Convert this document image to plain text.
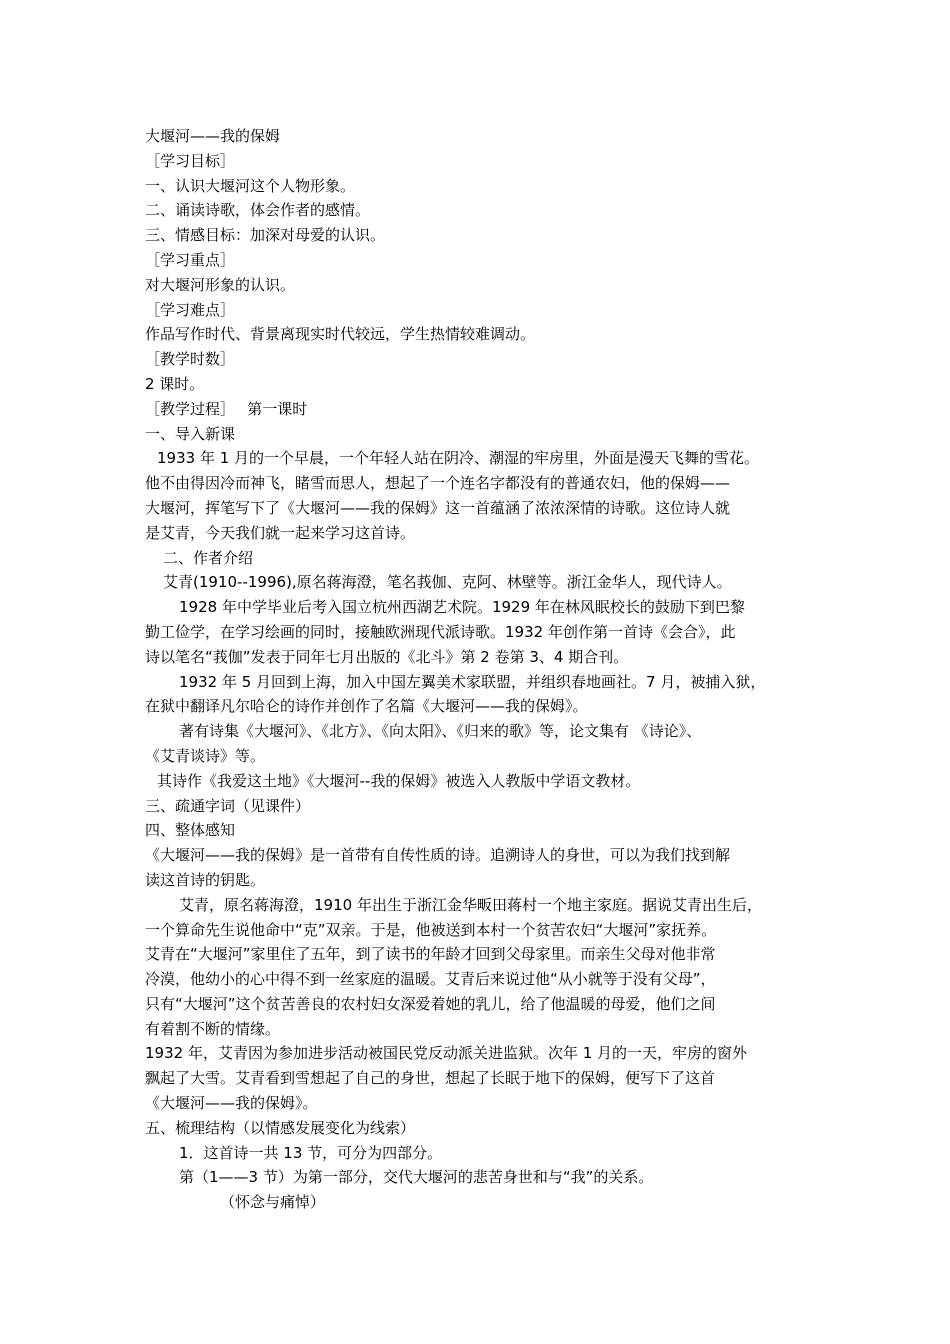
大堰河——我的保姆
［学习目标］
一、认识大堰河这个人物形象。
二、诵读诗歌，体会作者的感情。
三、情感目标：加深对母爱的认识。
［学习重点］
对大堰河形象的认识。
［学习难点］
作品写作时代、背景离现实时代较远，学生热情较难调动。
［教学时数］
2 课时。
［教学过程］　 第一课时
一、导入新课
1933 年 1 月的一个早晨，一个年轻人站在阴冷、潮湿的牢房里，外面是漫天飞舞的雪花。
他不由得因冷而神飞，睹雪而思人，想起了一个连名字都没有的普通农妇，他的保姆——
大堰河，挥笔写下了《大堰河——我的保姆》这一首蕴涵了浓浓深情的诗歌。这位诗人就
是艾青，今天我们就一起来学习这首诗。
二、作者介绍
艾青(1910--1996),原名蒋海澄，笔名莪伽、克阿、林壁等。浙江金华人，现代诗人。
1928 年中学毕业后考入国立杭州西湖艺术院。1929 年在林风眠校长的鼓励下到巴黎
勤工俭学，在学习绘画的同时，接触欧洲现代派诗歌。1932 年创作第一首诗《会合》，此
诗以笔名“莪伽”发表于同年七月出版的《北斗》第 2 卷第 3、4 期合刊。
1932 年 5 月回到上海，加入中国左翼美术家联盟，并组织春地画社。7 月，被捕入狱，
在狱中翻译凡尔哈仑的诗作并创作了名篇《大堰河——我的保姆》。
著有诗集《大堰河》、《北方》、《向太阳》、《归来的歌》等，论文集有 《诗论》、
《艾青谈诗》等。
其诗作《我爱这土地》《大堰河--我的保姆》被选入人教版中学语文教材。
三、疏通字词（见课件）
四、整体感知
《大堰河——我的保姆》是一首带有自传性质的诗。追溯诗人的身世，可以为我们找到解
读这首诗的钥匙。
艾青，原名蒋海澄，1910 年出生于浙江金华畈田蒋村一个地主家庭。据说艾青出生后，
一个算命先生说他命中“克”双亲。于是，他被送到本村一个贫苦农妇“大堰河”家抚养。
艾青在“大堰河”家里住了五年，到了读书的年龄才回到父母家里。而亲生父母对他非常
冷漠，他幼小的心中得不到一丝家庭的温暖。艾青后来说过他“从小就等于没有父母”，
只有“大堰河”这个贫苦善良的农村妇女深爱着她的乳儿，给了他温暖的母爱，他们之间
有着割不断的情缘。
1932 年，艾青因为参加进步活动被国民党反动派关进监狱。次年 1 月的一天，牢房的窗外
飘起了大雪。艾青看到雪想起了自己的身世，想起了长眠于地下的保姆，便写下了这首
《大堰河——我的保姆》。
五、梳理结构（以情感发展变化为线索）
1．这首诗一共 13 节，可分为四部分。
第（1——3 节）为第一部分，交代大堰河的悲苦身世和与“我”的关系。
（怀念与痛悼）
